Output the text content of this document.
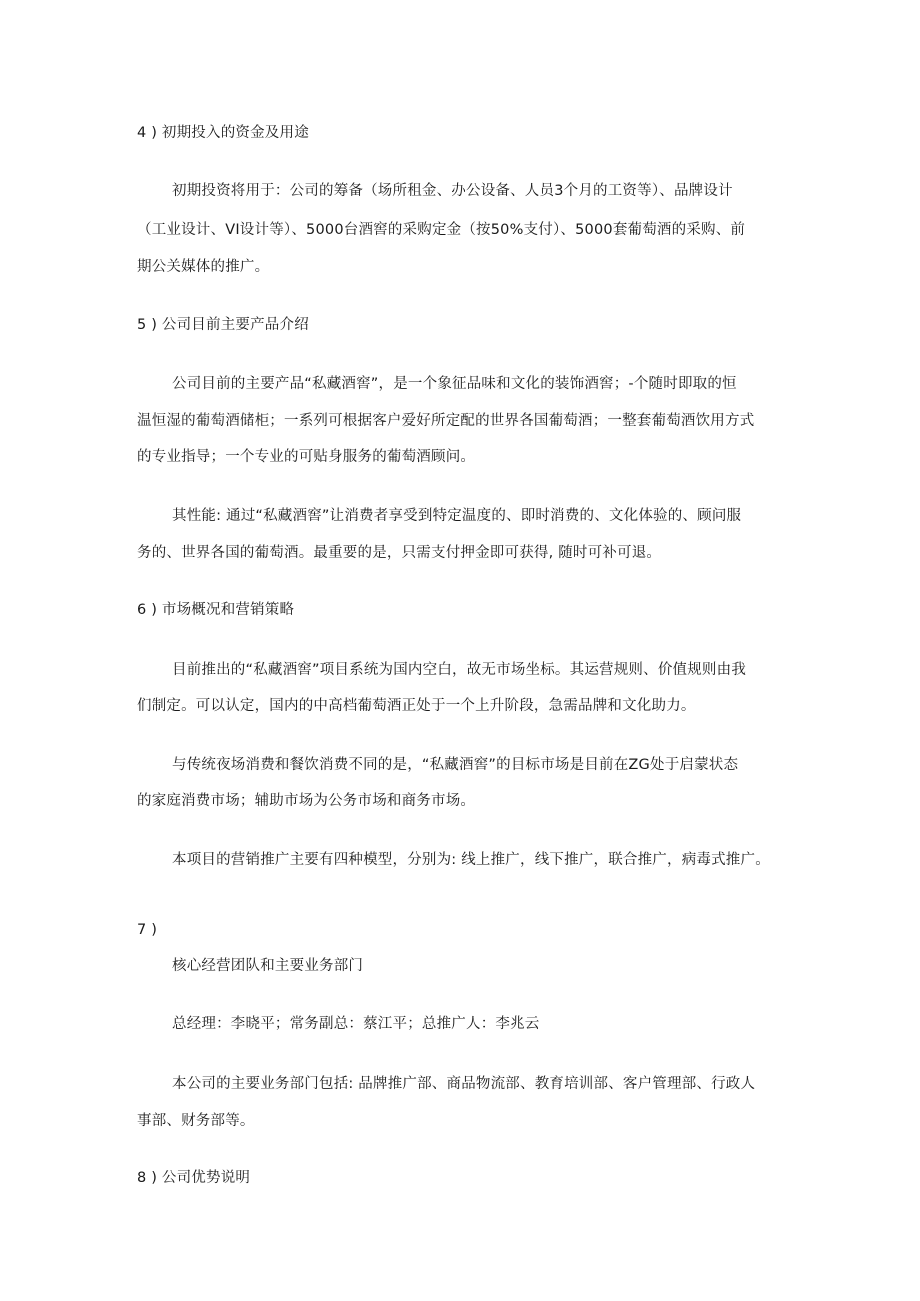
4 ) 初期投入的资金及用途
初期投资将用于：公司的筹备（场所租金、办公设备、人员3个月的工资等）、品牌设计
（工业设计、VI设计等）、5000台酒窖的采购定金（按50%支付）、5000套葡萄酒的采购、前
期公关媒体的推广。
5 ) 公司目前主要产品介绍
公司目前的主要产品“私藏酒窖”，是一个象征品味和文化的装饰酒窖；-个随时即取的恒
温恒湿的葡萄酒储柜；一系列可根据客户爱好所定配的世界各国葡萄酒；一整套葡萄酒饮用方式
的专业指导；一个专业的可贴身服务的葡萄酒顾问。
其性能: 通过“私藏酒窖”让消费者享受到特定温度的、即时消费的、文化体验的、顾问服
务的、世界各国的葡萄酒。最重要的是，只需支付押金即可获得, 随时可补可退。
6 ) 市场概况和营销策略
目前推出的“私藏酒窖”项目系统为国内空白，故无市场坐标。其运营规则、价值规则由我
们制定。可以认定，国内的中高档葡萄酒正处于一个上升阶段，急需品牌和文化助力。
与传统夜场消费和餐饮消费不同的是，“私藏酒窖”的目标市场是目前在ZG处于启蒙状态
的家庭消费市场；辅助市场为公务市场和商务市场。
本项目的营销推广主要有四种模型，分别为: 线上推广，线下推广，联合推广，病毒式推广。
7 )
核心经营团队和主要业务部门
总经理：李晓平；常务副总：蔡江平；总推广人：李兆云
本公司的主要业务部门包括: 品牌推广部、商品物流部、教育培训部、客户管理部、行政人
事部、财务部等。
8 ) 公司优势说明
